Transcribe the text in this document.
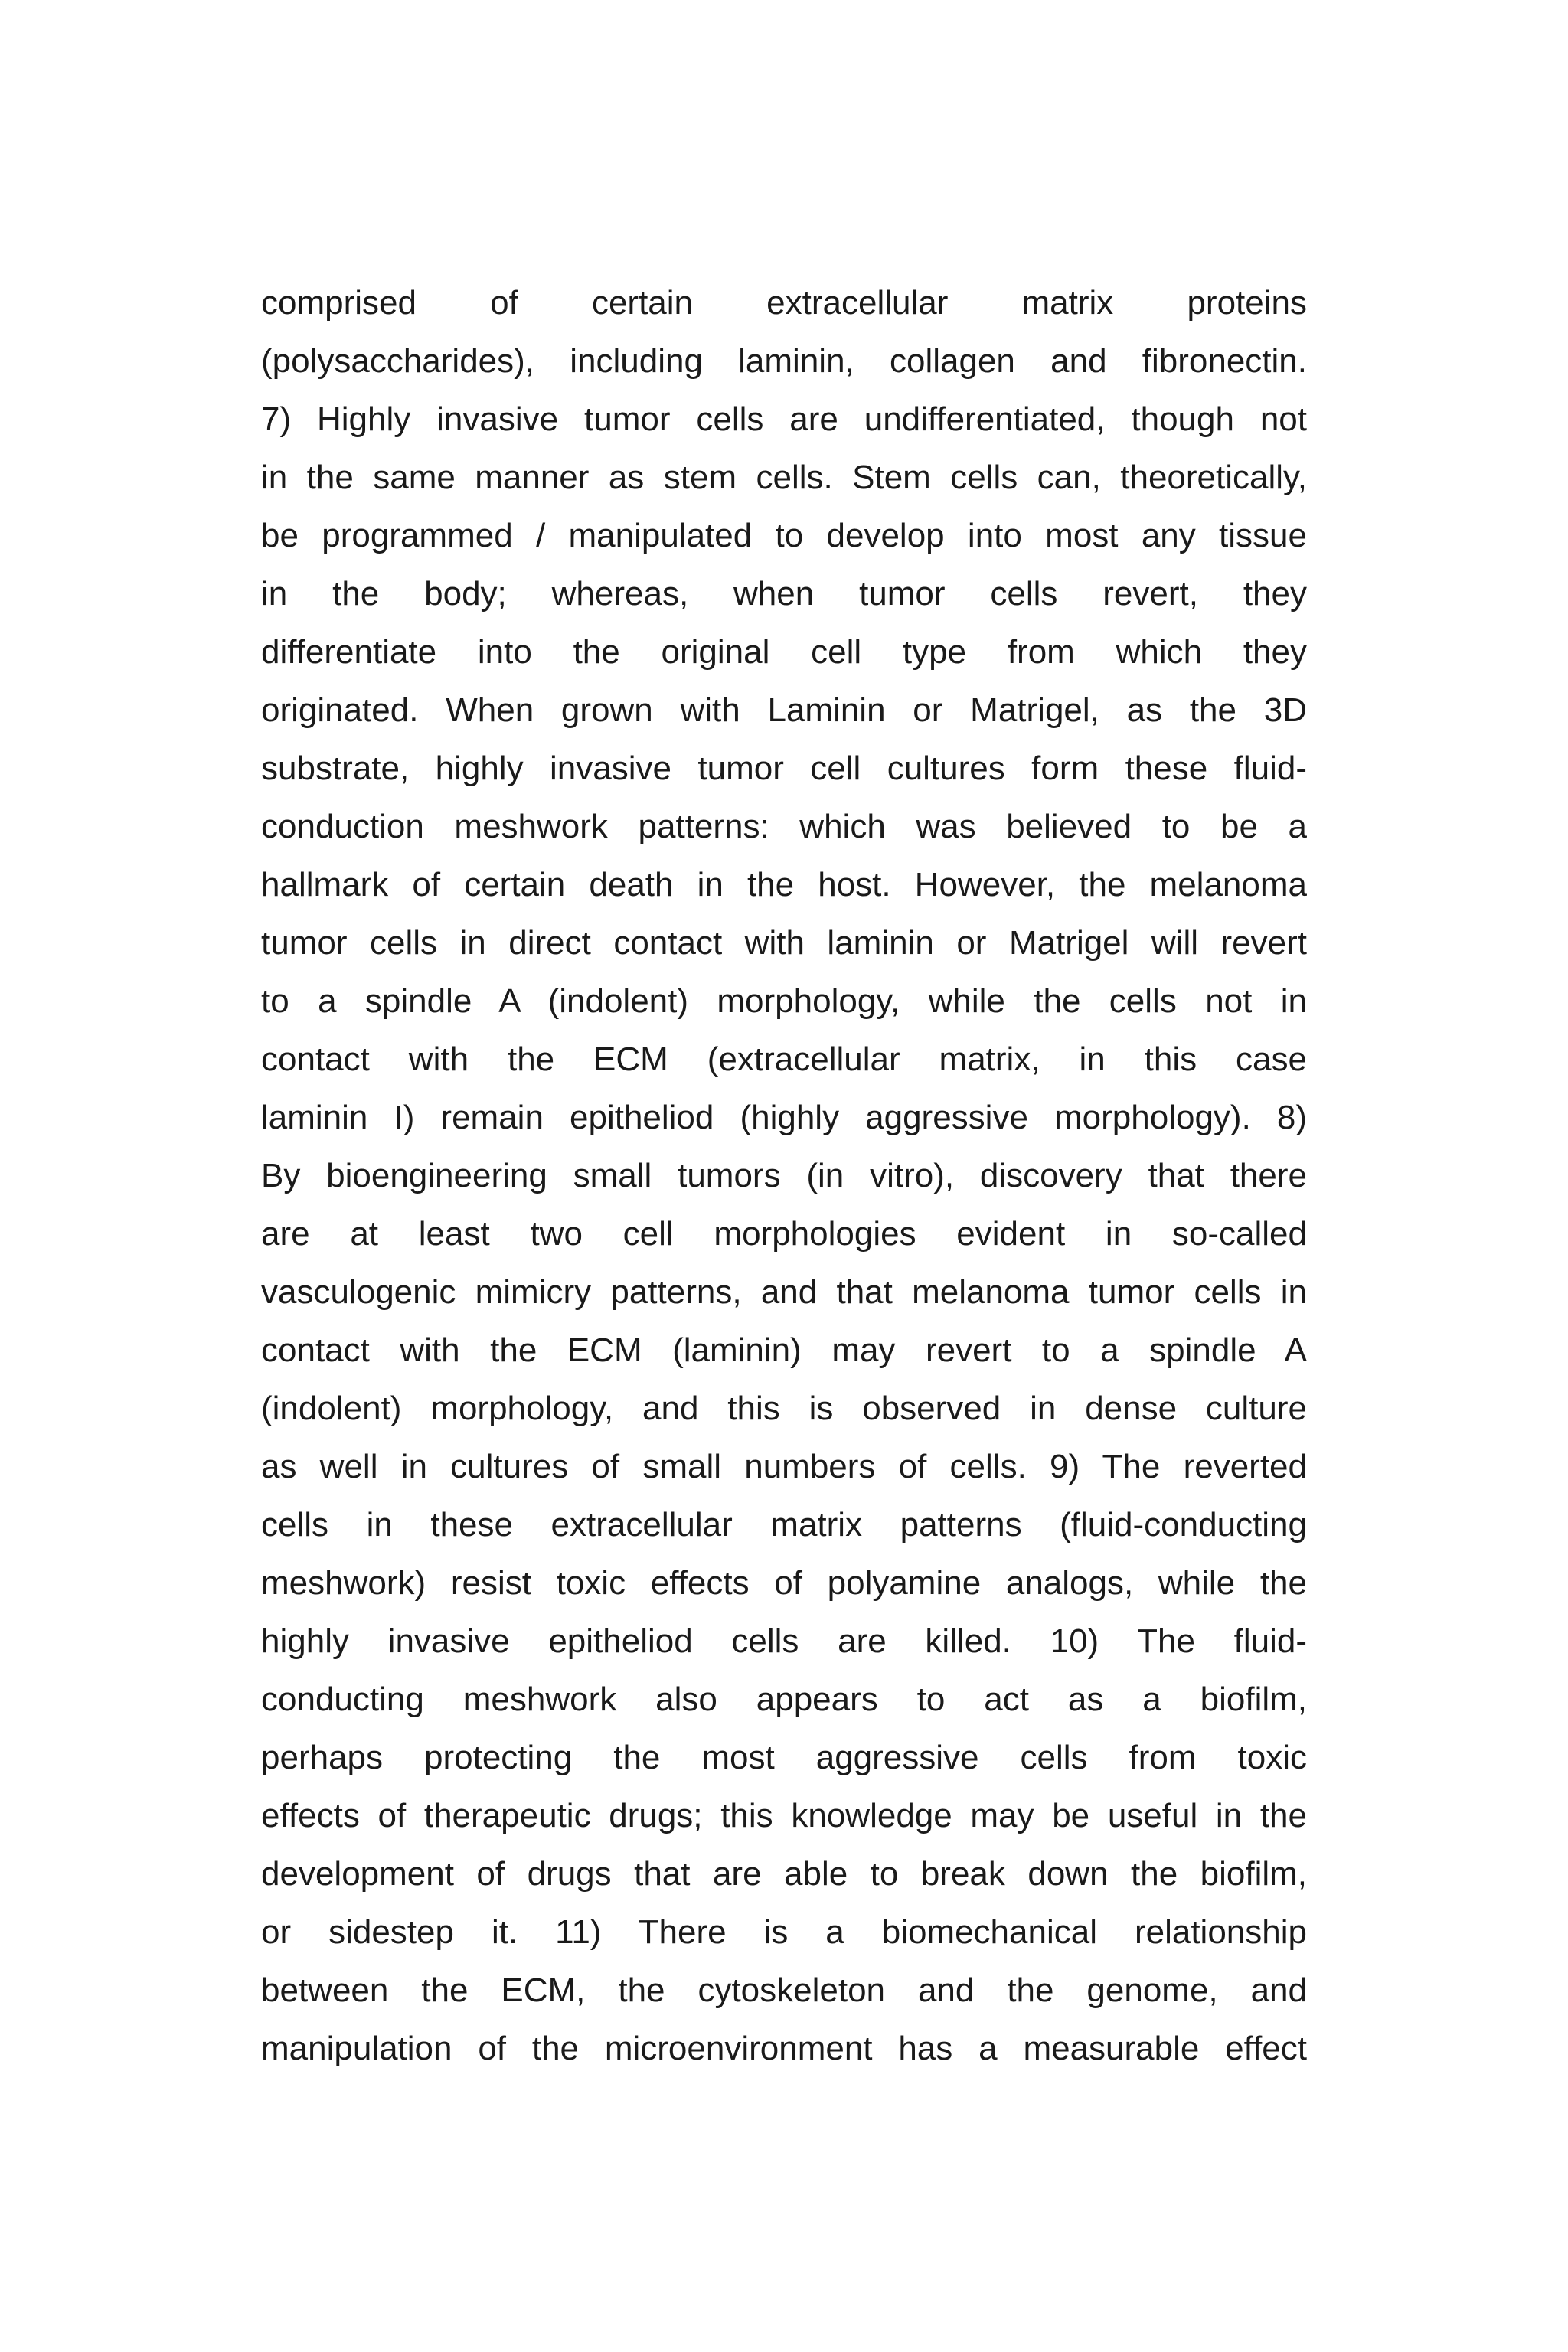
comprised of certain extracellular matrix proteins
(polysaccharides), including laminin, collagen and fibronectin.
7) Highly invasive tumor cells are undifferentiated, though not
in the same manner as stem cells. Stem cells can, theoretically,
be programmed / manipulated to develop into most any tissue
in the body; whereas, when tumor cells revert, they
differentiate into the original cell type from which they
originated. When grown with Laminin or Matrigel, as the 3D
substrate, highly invasive tumor cell cultures form these fluid-
conduction meshwork patterns: which was believed to be a
hallmark of certain death in the host. However, the melanoma
tumor cells in direct contact with laminin or Matrigel will revert
to a spindle A (indolent) morphology, while the cells not in
contact with the ECM (extracellular matrix, in this case
laminin I) remain epitheliod (highly aggressive morphology). 8)
By bioengineering small tumors (in vitro), discovery that there
are at least two cell morphologies evident in so-called
vasculogenic mimicry patterns, and that melanoma tumor cells in
contact with the ECM (laminin) may revert to a spindle A
(indolent) morphology, and this is observed in dense culture
as well in cultures of small numbers of cells. 9) The reverted
cells in these extracellular matrix patterns (fluid-conducting
meshwork) resist toxic effects of polyamine analogs, while the
highly invasive epitheliod cells are killed. 10) The fluid-
conducting meshwork also appears to act as a biofilm,
perhaps protecting the most aggressive cells from toxic
effects of therapeutic drugs; this knowledge may be useful in the
development of drugs that are able to break down the biofilm,
or sidestep it. 11) There is a biomechanical relationship
between the ECM, the cytoskeleton and the genome, and
manipulation of the microenvironment has a measurable effect
